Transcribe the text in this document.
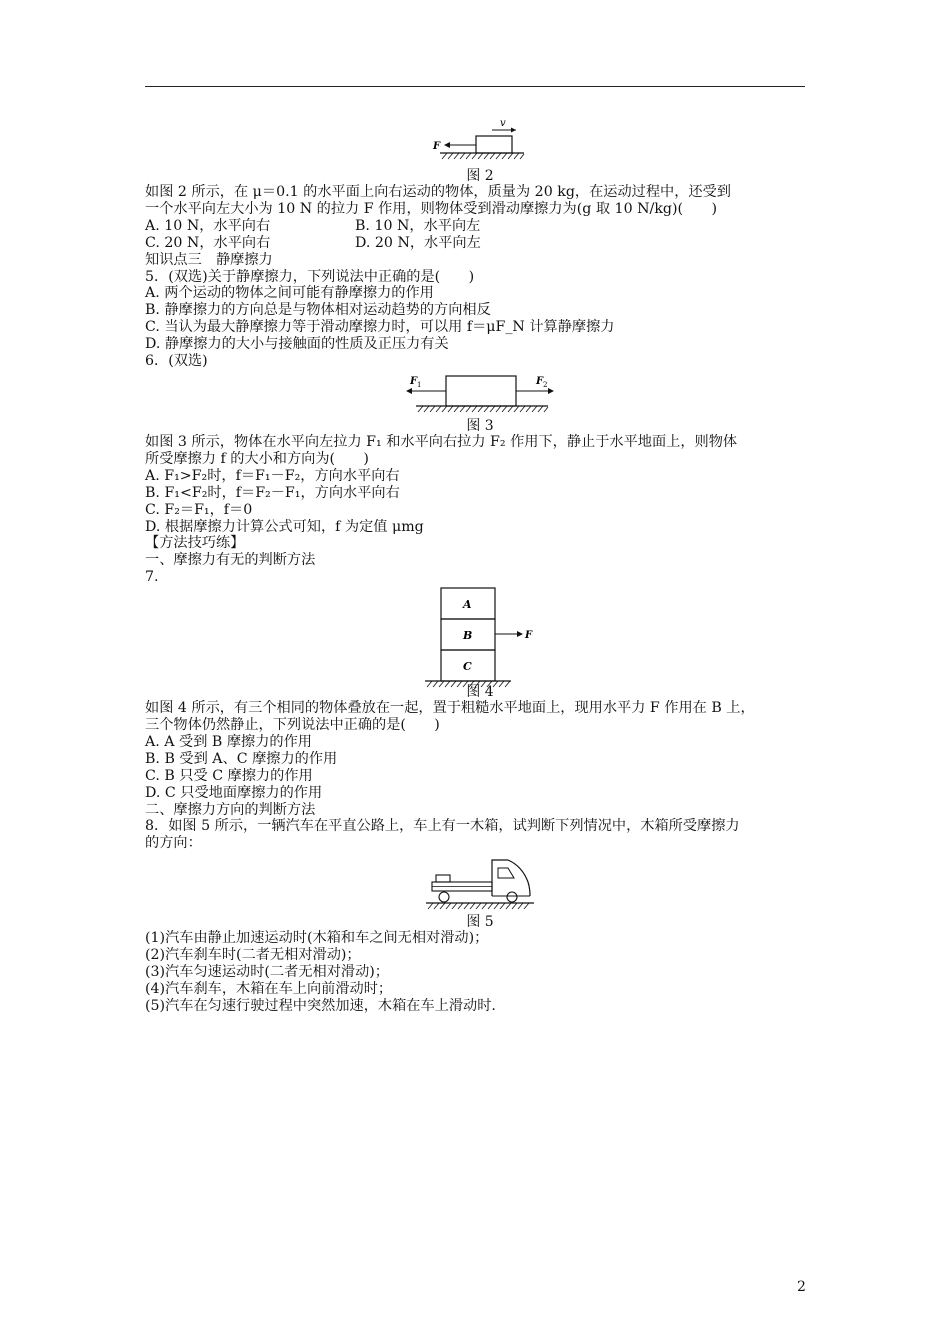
v
F
图 2
如图 2 所示，在 μ＝0.1 的水平面上向右运动的物体，质量为 20 kg，在运动过程中，还受到
一个水平向左大小为 10 N 的拉力 F 作用，则物体受到滑动摩擦力为(g 取 10 N/kg)(　　)
A. 10 N，水平向右	B. 10 N，水平向左
C. 20 N，水平向右	D. 20 N，水平向左
知识点三　静摩擦力
5．(双选)关于静摩擦力，下列说法中正确的是(　　)
A. 两个运动的物体之间可能有静摩擦力的作用
B. 静摩擦力的方向总是与物体相对运动趋势的方向相反
C. 当认为最大静摩擦力等于滑动摩擦力时，可以用 f＝μF_N 计算静摩擦力
D. 静摩擦力的大小与接触面的性质及正压力有关
6．(双选)
F 1	F 2
图 3
如图 3 所示，物体在水平向左拉力 F₁ 和水平向右拉力 F₂ 作用下，静止于水平地面上，则物体
所受摩擦力 f 的大小和方向为(　　)
A. F₁>F₂时，f＝F₁－F₂，方向水平向右
B. F₁<F₂时，f＝F₂－F₁，方向水平向右
C. F₂＝F₁，f＝0
D. 根据摩擦力计算公式可知，f 为定值 μmg
【方法技巧练】
一、摩擦力有无的判断方法
7.
A
B
C
F
图 4
如图 4 所示，有三个相同的物体叠放在一起，置于粗糙水平地面上，现用水平力 F 作用在 B 上，
三个物体仍然静止，下列说法中正确的是(　　)
A. A 受到 B 摩擦力的作用
B. B 受到 A、C 摩擦力的作用
C. B 只受 C 摩擦力的作用
D. C 只受地面摩擦力的作用
二、摩擦力方向的判断方法
8．如图 5 所示，一辆汽车在平直公路上，车上有一木箱，试判断下列情况中，木箱所受摩擦力
的方向：
图 5
(1)汽车由静止加速运动时(木箱和车之间无相对滑动)；
(2)汽车刹车时(二者无相对滑动)；
(3)汽车匀速运动时(二者无相对滑动)；
(4)汽车刹车，木箱在车上向前滑动时；
(5)汽车在匀速行驶过程中突然加速，木箱在车上滑动时.
2
